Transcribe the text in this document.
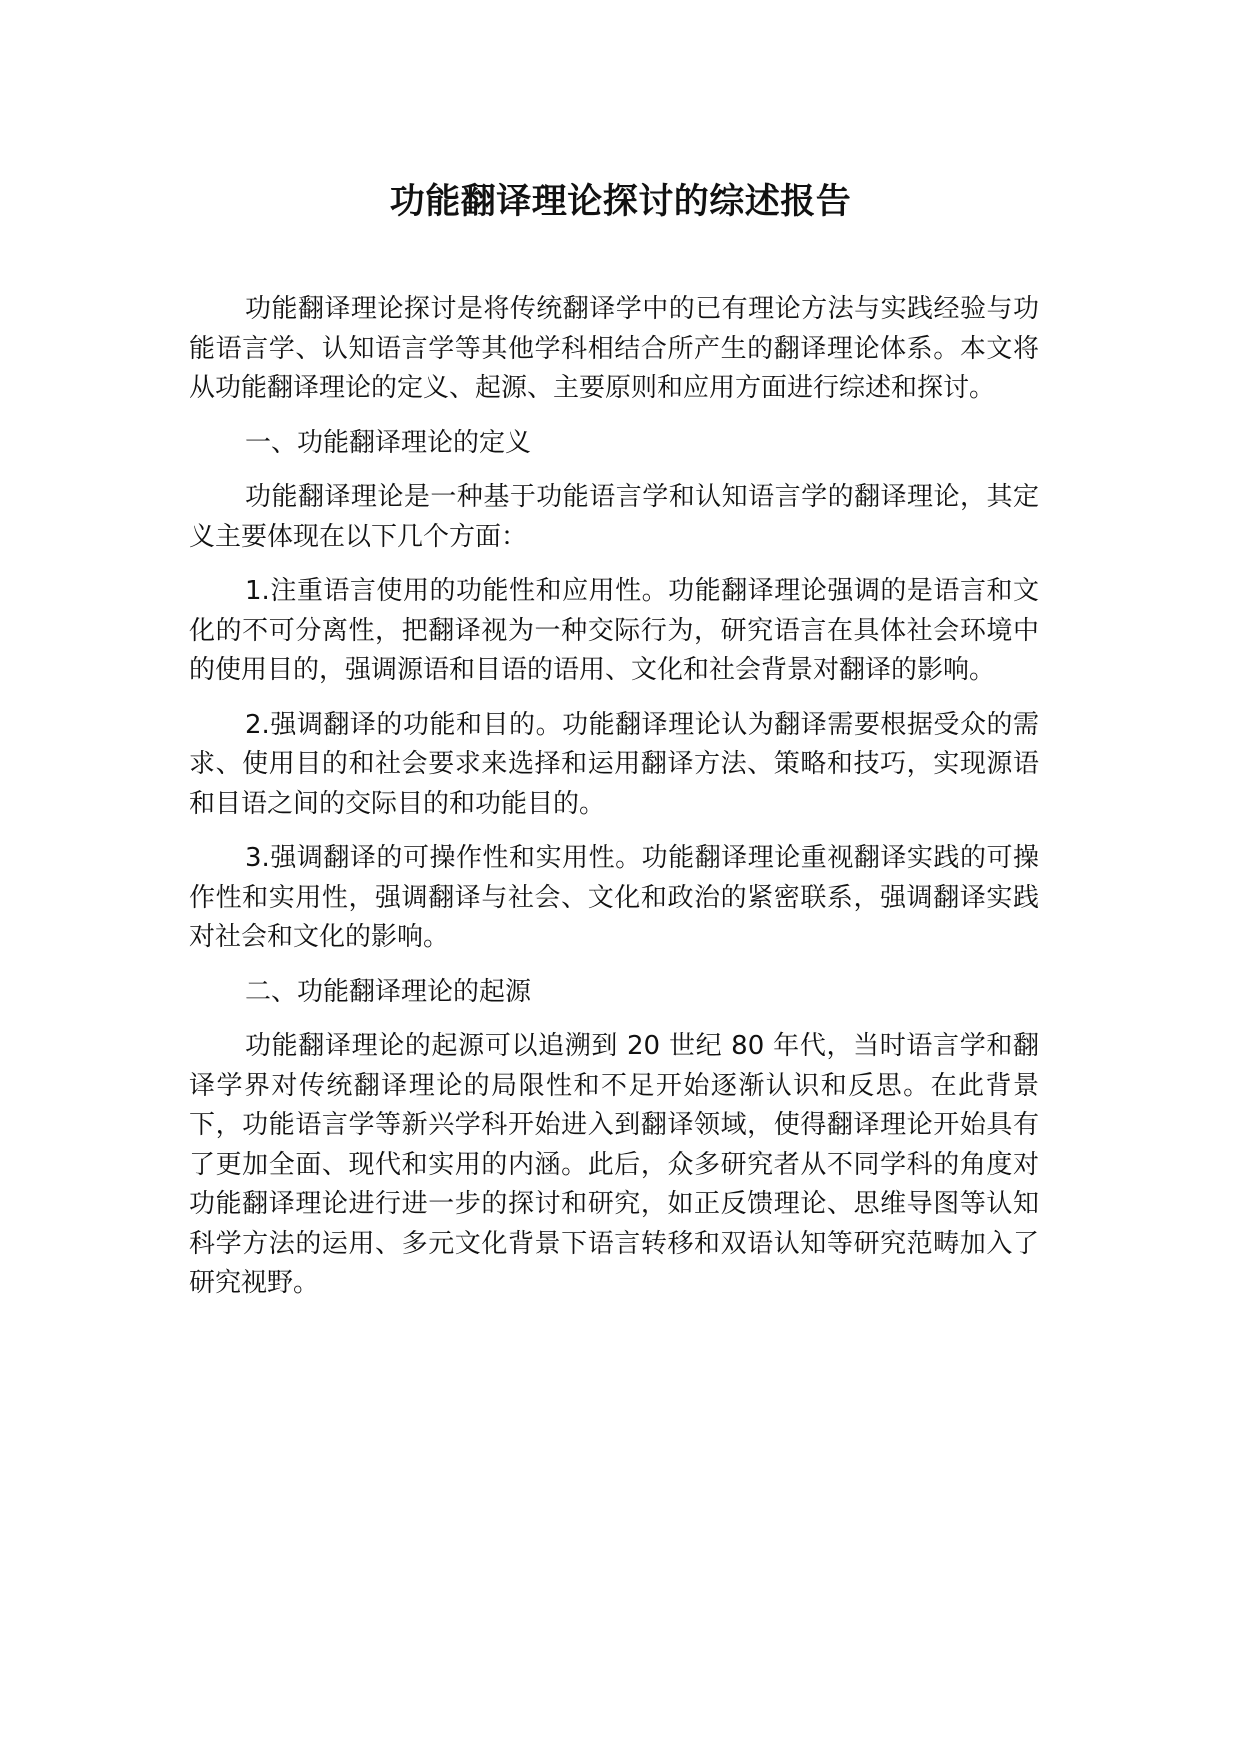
功能翻译理论探讨的综述报告

功能翻译理论探讨是将传统翻译学中的已有理论方法与实践经验与功能语言学、认知语言学等其他学科相结合所产生的翻译理论体系。本文将从功能翻译理论的定义、起源、主要原则和应用方面进行综述和探讨。

一、功能翻译理论的定义

功能翻译理论是一种基于功能语言学和认知语言学的翻译理论，其定义主要体现在以下几个方面：

1.注重语言使用的功能性和应用性。功能翻译理论强调的是语言和文化的不可分离性，把翻译视为一种交际行为，研究语言在具体社会环境中的使用目的，强调源语和目语的语用、文化和社会背景对翻译的影响。

2.强调翻译的功能和目的。功能翻译理论认为翻译需要根据受众的需求、使用目的和社会要求来选择和运用翻译方法、策略和技巧，实现源语和目语之间的交际目的和功能目的。

3.强调翻译的可操作性和实用性。功能翻译理论重视翻译实践的可操作性和实用性，强调翻译与社会、文化和政治的紧密联系，强调翻译实践对社会和文化的影响。

二、功能翻译理论的起源

功能翻译理论的起源可以追溯到 20 世纪 80 年代，当时语言学和翻译学界对传统翻译理论的局限性和不足开始逐渐认识和反思。在此背景下，功能语言学等新兴学科开始进入到翻译领域，使得翻译理论开始具有了更加全面、现代和实用的内涵。此后，众多研究者从不同学科的角度对功能翻译理论进行进一步的探讨和研究，如正反馈理论、思维导图等认知科学方法的运用、多元文化背景下语言转移和双语认知等研究范畴加入了研究视野。
